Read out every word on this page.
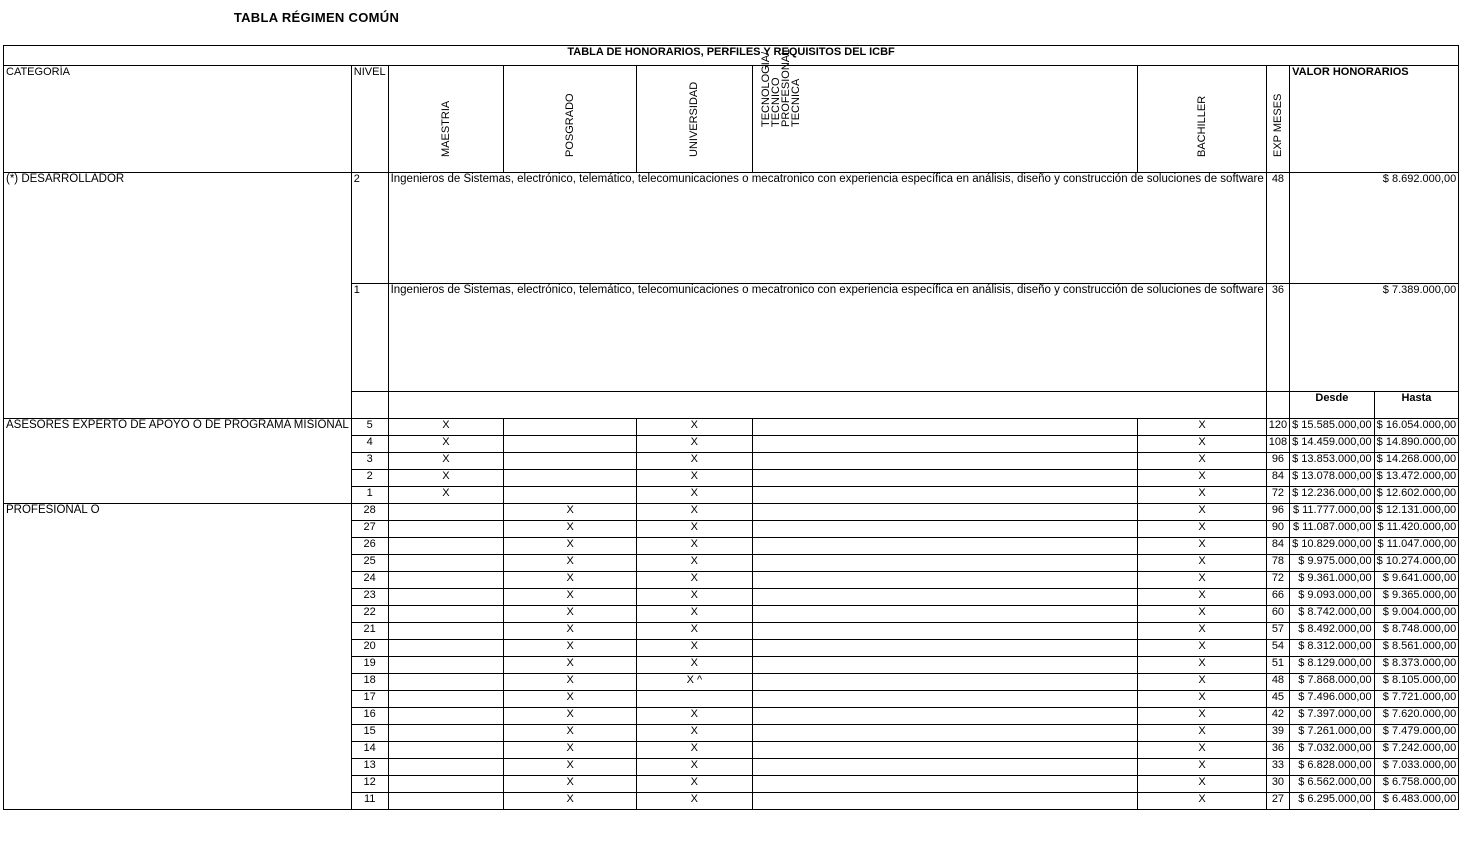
TABLA RÉGIMEN COMÚN
TABLA DE HONORARIOS, PERFILES Y REQUISITOS DEL ICBF									
CATEGORÍA	NIVEL	MAESTRIA	POSGRADO	UNIVERSIDAD	TECNOLOGIA/
TECNICO
PROFESIONAL
TECNICA	BACHILLER	EXP MESES	VALOR HONORARIOS	
(*) DESARROLLADOR	2	Ingenieros de Sistemas, electrónico, telemático, telecomunicaciones o mecatronico con experiencia específica en análisis, diseño y construcción de soluciones de software					48	$ 8.692.000,00	
	1	Ingenieros de Sistemas, electrónico, telemático, telecomunicaciones o mecatronico con experiencia específica en análisis, diseño y construcción de soluciones de software					36	$ 7.389.000,00	
								Desde	Hasta
ASESORES EXPERTO DE APOYO O DE PROGRAMA MISIONAL	5	X		X		X	120	$ 15.585.000,00	$ 16.054.000,00
	4	X		X		X	108	$ 14.459.000,00	$ 14.890.000,00
	3	X		X		X	96	$ 13.853.000,00	$ 14.268.000,00
	2	X		X		X	84	$ 13.078.000,00	$ 13.472.000,00
	1	X		X		X	72	$ 12.236.000,00	$ 12.602.000,00
PROFESIONAL O	28		X	X		X	96	$ 11.777.000,00	$ 12.131.000,00
	27		X	X		X	90	$ 11.087.000,00	$ 11.420.000,00
	26		X	X		X	84	$ 10.829.000,00	$ 11.047.000,00
	25		X	X		X	78	$ 9.975.000,00	$ 10.274.000,00
	24		X	X		X	72	$ 9.361.000,00	$ 9.641.000,00
	23		X	X		X	66	$ 9.093.000,00	$ 9.365.000,00
	22		X	X		X	60	$ 8.742.000,00	$ 9.004.000,00
	21		X	X		X	57	$ 8.492.000,00	$ 8.748.000,00
	20		X	X		X	54	$ 8.312.000,00	$ 8.561.000,00
	19		X	X		X	51	$ 8.129.000,00	$ 8.373.000,00
	18		X	X ^		X	48	$ 7.868.000,00	$ 8.105.000,00
	17		X			X	45	$ 7.496.000,00	$ 7.721.000,00
	16		X	X		X	42	$ 7.397.000,00	$ 7.620.000,00
	15		X	X		X	39	$ 7.261.000,00	$ 7.479.000,00
	14		X	X		X	36	$ 7.032.000,00	$ 7.242.000,00
	13		X	X		X	33	$ 6.828.000,00	$ 7.033.000,00
	12		X	X		X	30	$ 6.562.000,00	$ 6.758.000,00
	11		X	X		X	27	$ 6.295.000,00	$ 6.483.000,00
